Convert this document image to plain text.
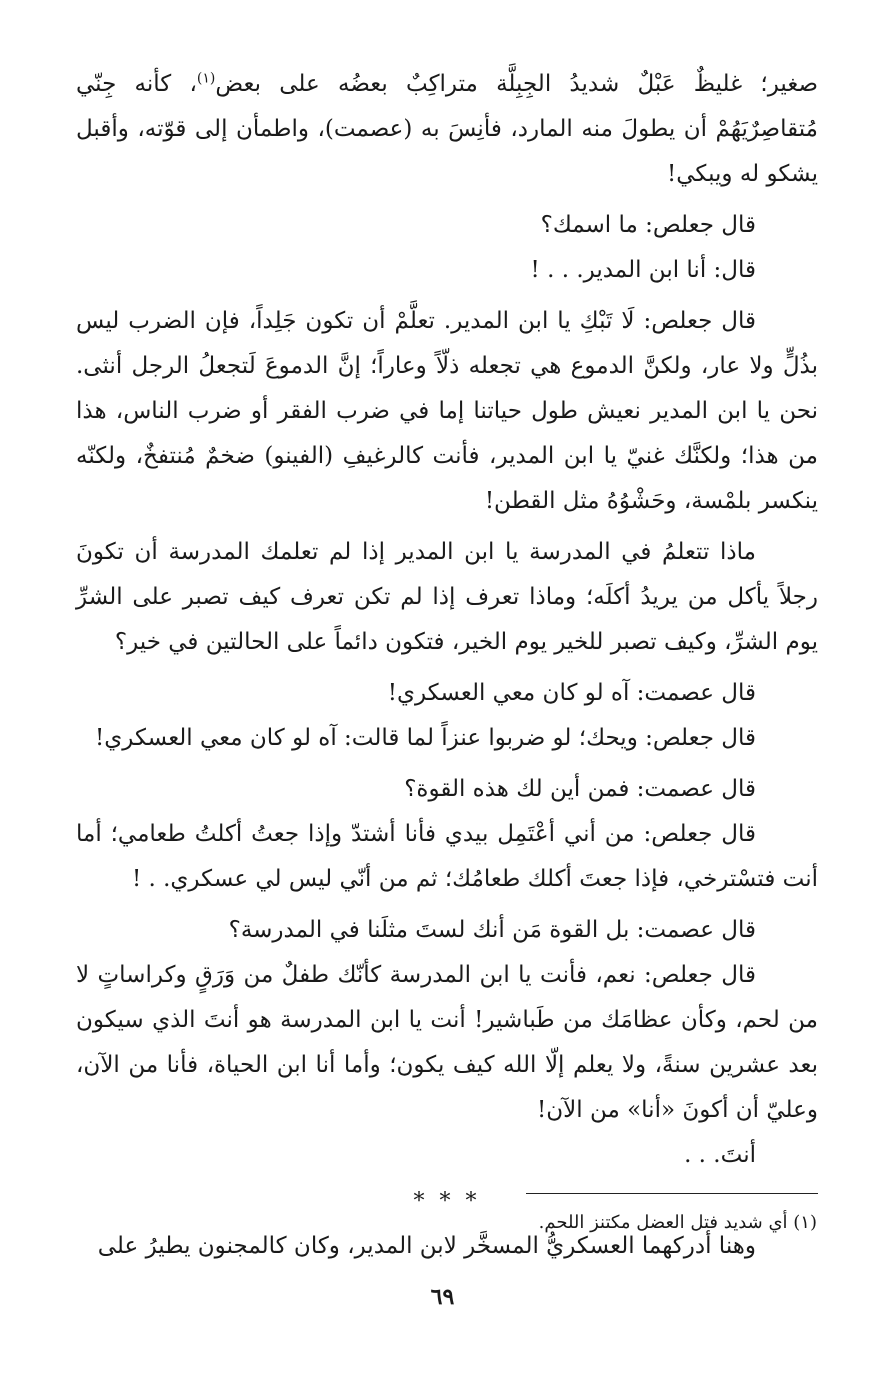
صغير؛ غليظٌ عَبْلٌ شديدُ الجِبِلَّة متراكِبٌ بعضُه على بعض$^{(١)}$، كأنه جِنّي مُتقاصِرٌيَهُمْ أن يطولَ منه المارد، فأنِسَ به (عصمت)، واطمأن إلى قوّته، وأقبل يشكو له ويبكي!

قال جعلص: ما اسمك؟

قال: أنا ابن المدير. . . !

قال جعلص: لَا تَبْكِ يا ابن المدير. تعلَّمْ أن تكون جَلِداً، فإن الضرب ليس بذُلٍّ ولا عار، ولكنَّ الدموع هي تجعله ذلّاً وعاراً؛ إنَّ الدموعَ لَتجعلُ الرجل أنثى. نحن يا ابن المدير نعيش طول حياتنا إما في ضرب الفقر أو ضرب الناس، هذا من هذا؛ ولكنَّك غنيّ يا ابن المدير، فأنت كالرغيفِ (الفينو) ضخمٌ مُنتفخٌ، ولكنّه ينكسر بلمْسة، وحَشْوُهُ مثل القطن!

ماذا تتعلمُ في المدرسة يا ابن المدير إذا لم تعلمك المدرسة أن تكونَ رجلاً يأكل من يريدُ أكلَه؛ وماذا تعرف إذا لم تكن تعرف كيف تصبر على الشرِّ يوم الشرِّ، وكيف تصبر للخير يوم الخير، فتكون دائماً على الحالتين في خير؟

قال عصمت: آه لو كان معي العسكري!

قال جعلص: ويحك؛ لو ضربوا عنزاً لما قالت: آه لو كان معي العسكري!

قال عصمت: فمن أين لك هذه القوة؟

قال جعلص: من أني أعْتَمِل بيدي فأنا أشتدّ وإذا جعتُ أكلتُ طعامي؛ أما أنت فتسْترخي، فإذا جعتَ أكلك طعامُك؛ ثم من أنّي ليس لي عسكري. . !

قال عصمت: بل القوة مَن أنك لستَ مثلَنا في المدرسة؟

قال جعلص: نعم، فأنت يا ابن المدرسة كأنّك طفلٌ من وَرَقٍ وكراساتٍ لا من لحم، وكأن عظامَك من طَباشير! أنت يا ابن المدرسة هو أنتَ الذي سيكون بعد عشرين سنةً، ولا يعلم إلّا الله كيف يكون؛ وأما أنا ابن الحياة، فأنا من الآن، وعليّ أن أكونَ «أنا» من الآن!

أنتَ. . .

* * *

وهنا أدركهما العسكريُّ المسخَّر لابن المدير، وكان كالمجنون يطيرُ على

(١) أي شديد فتل العضل مكتنز اللحم.
٦٩
